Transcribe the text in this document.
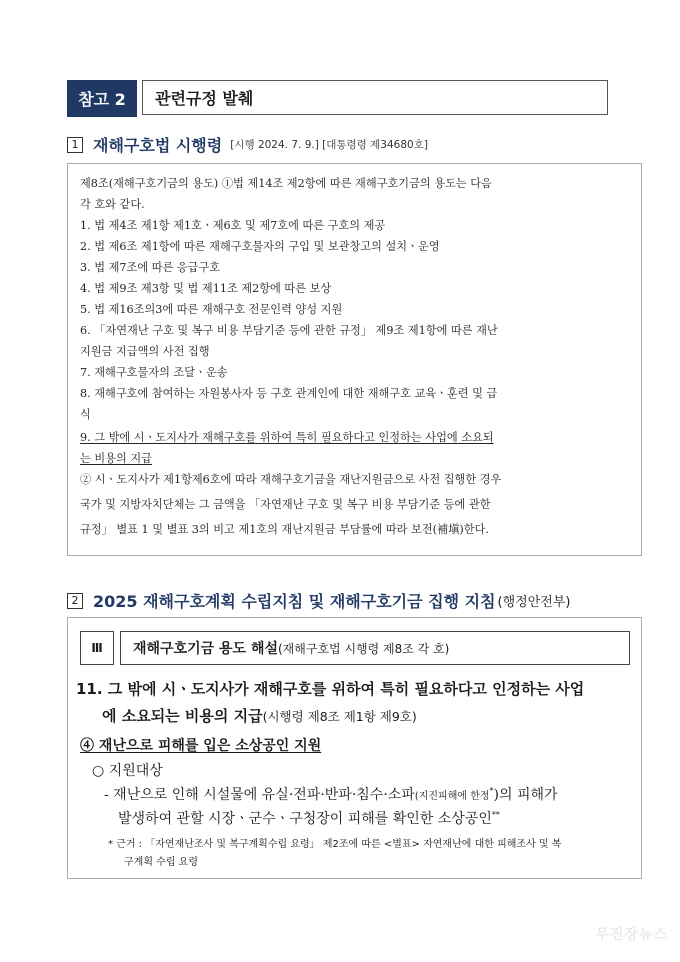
참고 2	관련규정 발췌
1 재해구호법 시행령 [시행 2024. 7. 9.] [대통령령 제34680호]
제8조(재해구호기금의 용도) ①법 제14조 제2항에 따른 재해구호기금의 용도는 다음
각 호와 같다.
1. 법 제4조 제1항 제1호ㆍ제6호 및 제7호에 따른 구호의 제공
2. 법 제6조 제1항에 따른 재해구호물자의 구입 및 보관창고의 설치ㆍ운영
3. 법 제7조에 따른 응급구호
4. 법 제9조 제3항 및 법 제11조 제2항에 따른 보상
5. 법 제16조의3에 따른 재해구호 전문인력 양성 지원
6. 「자연재난 구호 및 복구 비용 부담기준 등에 관한 규정」 제9조 제1항에 따른 재난
지원금 지급액의 사전 집행
7. 재해구호물자의 조달ㆍ운송
8. 재해구호에 참여하는 자원봉사자 등 구호 관계인에 대한 재해구호 교육ㆍ훈련 및 급
식
9. 그 밖에 시ㆍ도지사가 재해구호를 위하여 특히 필요하다고 인정하는 사업에 소요되
는 비용의 지급
② 시ㆍ도지사가 제1항제6호에 따라 재해구호기금을 재난지원금으로 사전 집행한 경우
국가 및 지방자치단체는 그 금액을 「자연재난 구호 및 복구 비용 부담기준 등에 관한
규정」 별표 1 및 별표 3의 비고 제1호의 재난지원금 부담률에 따라 보전(補塡)한다.
2 2025 재해구호계획 수립지침 및 재해구호기금 집행 지침 (행정안전부)
Ⅲ	재해구호기금 용도 해설 (재해구호법 시행령 제8조 각 호)
11. 그 밖에 시ㆍ도지사가 재해구호를 위하여 특히 필요하다고 인정하는 사업
에 소요되는 비용의 지급(시행령 제8조 제1항 제9호)
④ 재난으로 피해를 입은 소상공인 지원
○ 지원대상
- 재난으로 인해 시설물에 유실·전파·반파·침수·소파(지진피해에 한정*)의 피해가
발생하여 관할 시장ㆍ군수ㆍ구청장이 피해를 확인한 소상공인**
* 근거 : 「자연재난조사 및 복구계획수립 요령」 제2조에 따른 <별표> 자연재난에 대한 피해조사 및 복
구계획 수립 요령
무진장뉴스
